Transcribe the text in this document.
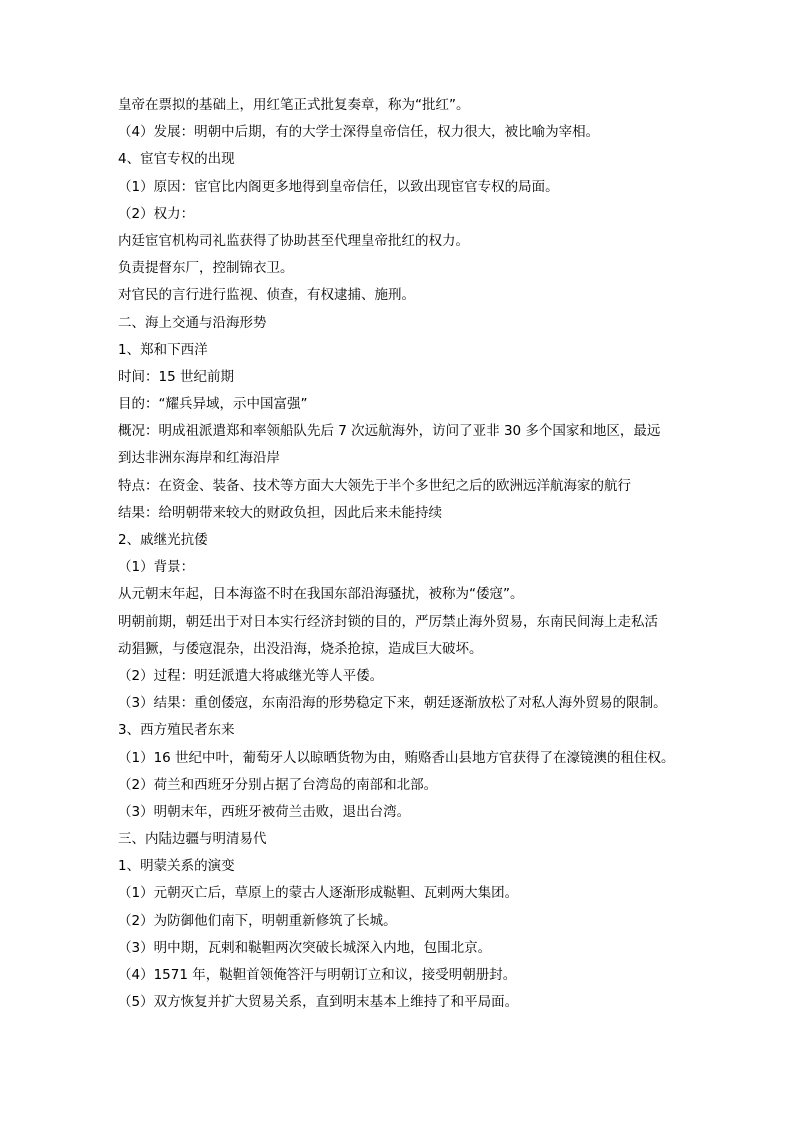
皇帝在票拟的基础上，用红笔正式批复奏章，称为“批红”。
（4）发展：明朝中后期，有的大学士深得皇帝信任，权力很大，被比喻为宰相。
4、宦官专权的出现
（1）原因：宦官比内阁更多地得到皇帝信任，以致出现宦官专权的局面。
（2）权力：
内廷宦官机构司礼监获得了协助甚至代理皇帝批红的权力。
负责提督东厂，控制锦衣卫。
对官民的言行进行监视、侦查，有权逮捕、施刑。
二、海上交通与沿海形势
1、郑和下西洋
时间：15 世纪前期
目的：“耀兵异域，示中国富强”
概况：明成祖派遣郑和率领船队先后 7 次远航海外，访问了亚非 30 多个国家和地区，最远
到达非洲东海岸和红海沿岸
特点：在资金、装备、技术等方面大大领先于半个多世纪之后的欧洲远洋航海家的航行
结果：给明朝带来较大的财政负担，因此后来未能持续
2、戚继光抗倭
（1）背景：
从元朝末年起，日本海盗不时在我国东部沿海骚扰，被称为“倭寇”。
明朝前期，朝廷出于对日本实行经济封锁的目的，严厉禁止海外贸易，东南民间海上走私活
动猖獗，与倭寇混杂，出没沿海，烧杀抢掠，造成巨大破坏。
（2）过程：明廷派遣大将戚继光等人平倭。
（3）结果：重创倭寇，东南沿海的形势稳定下来，朝廷逐渐放松了对私人海外贸易的限制。
3、西方殖民者东来
（1）16 世纪中叶，葡萄牙人以晾晒货物为由，贿赂香山县地方官获得了在濠镜澳的租住权。
（2）荷兰和西班牙分别占据了台湾岛的南部和北部。
（3）明朝末年，西班牙被荷兰击败，退出台湾。
三、内陆边疆与明清易代
1、明蒙关系的演变
（1）元朝灭亡后，草原上的蒙古人逐渐形成鞑靼、瓦剌两大集团。
（2）为防御他们南下，明朝重新修筑了长城。
（3）明中期，瓦剌和鞑靼两次突破长城深入内地，包围北京。
（4）1571 年，鞑靼首领俺答汗与明朝订立和议，接受明朝册封。
（5）双方恢复并扩大贸易关系，直到明末基本上维持了和平局面。
